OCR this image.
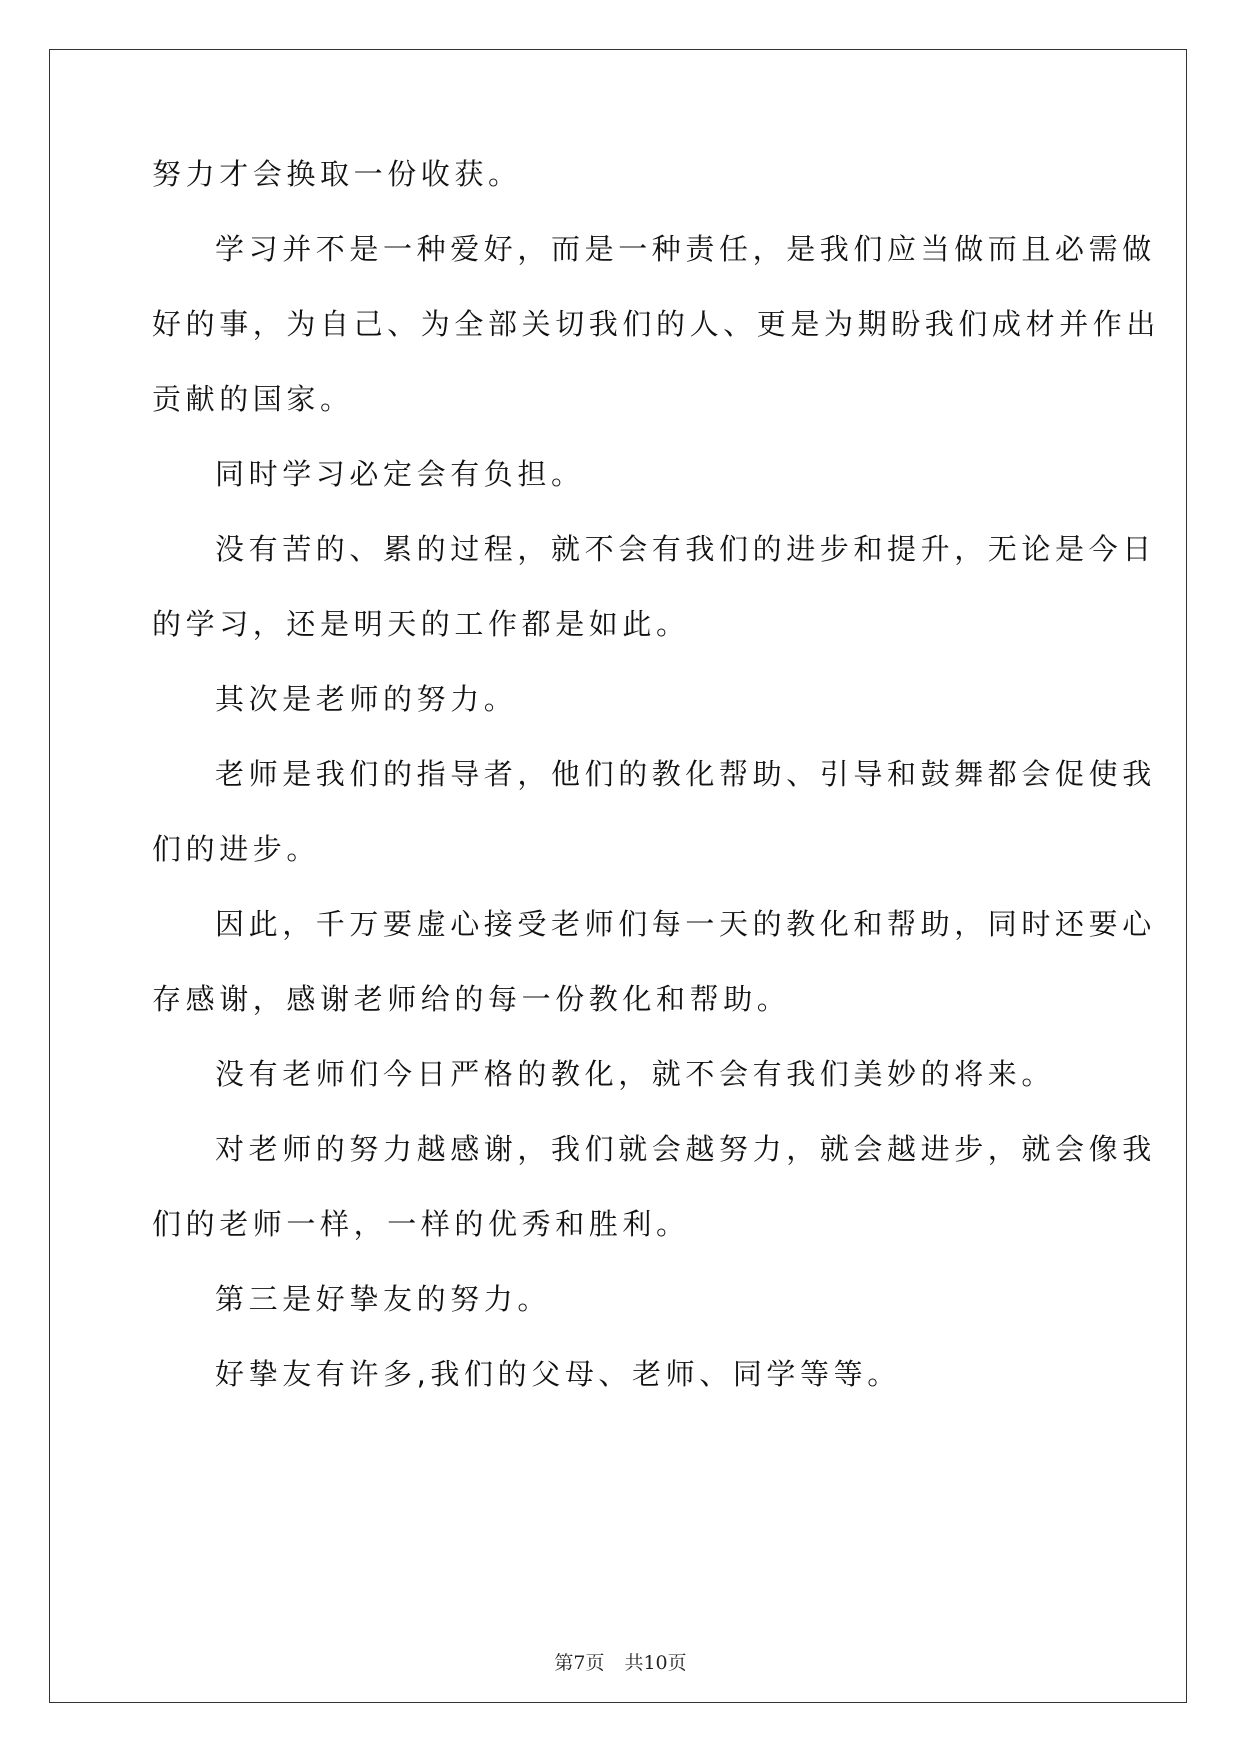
努力才会换取一份收获。
学习并不是一种爱好，而是一种责任，是我们应当做而且必需做
好的事，为自己、为全部关切我们的人、更是为期盼我们成材并作出
贡献的国家。
同时学习必定会有负担。
没有苦的、累的过程，就不会有我们的进步和提升，无论是今日
的学习，还是明天的工作都是如此。
其次是老师的努力。
老师是我们的指导者，他们的教化帮助、引导和鼓舞都会促使我
们的进步。
因此，千万要虚心接受老师们每一天的教化和帮助，同时还要心
存感谢，感谢老师给的每一份教化和帮助。
没有老师们今日严格的教化，就不会有我们美妙的将来。
对老师的努力越感谢，我们就会越努力，就会越进步，就会像我
们的老师一样，一样的优秀和胜利。
第三是好挚友的努力。
好挚友有许多,我们的父母、老师、同学等等。
第7页 共10页
